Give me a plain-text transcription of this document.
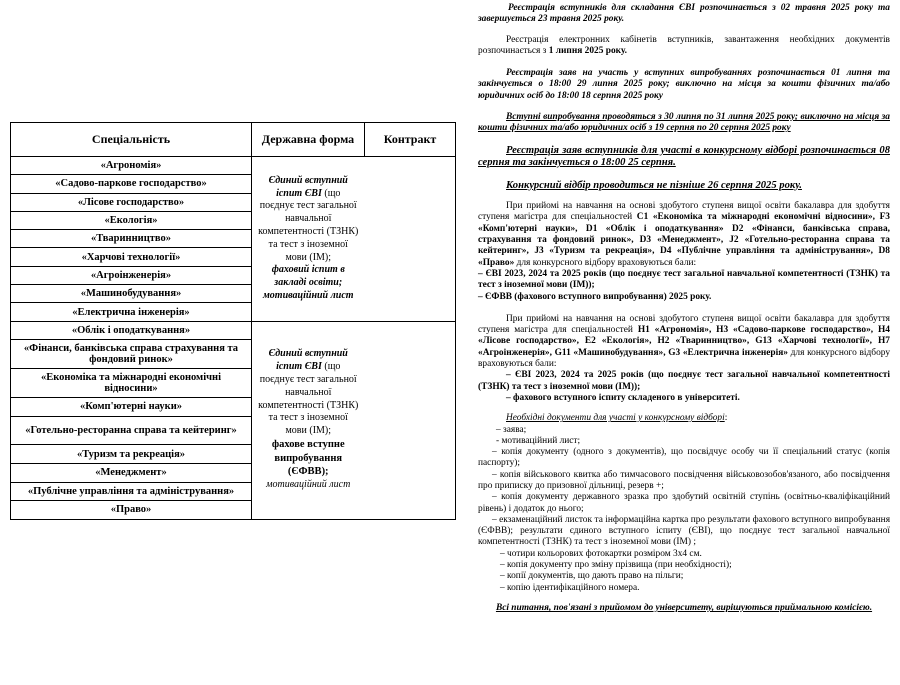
Спеціальність	Державна форма	Контракт
«Агрономія»	Єдиний вступний іспит ЄВІ (що поєднує тест загальної навчальної компетентності (ТЗНК)
та тест з іноземної мови (ІМ);
фаховий іспит в закладі освіти; мотиваційний лист	
«Садово-паркове господарство»		
«Лісове господарство»		
«Екологія»		
«Тваринництво»		
«Харчові технології»		
«Агроінженерія»		
«Машинобудування»		
«Електрична інженерія»		
«Облік і оподаткування»	Єдиний вступний іспит ЄВІ (що поєднує тест загальної навчальної компетентності (ТЗНК)
та тест з іноземної мови (ІМ);
фахове вступне випробування (ЄФВВ);
мотиваційний лист	
«Фінанси, банківська справа страхування та фондовий ринок»		
«Економіка та міжнародні економічні відносини»		
«Комп'ютерні науки»		
«Готельно-ресторанна справа та кейтеринг»		
«Туризм та рекреація»		
«Менеджмент»		
«Публічне управління та адміністрування»		
«Право»		

Реєстрація вступників для складання ЄВІ розпочинається з 02 травня 2025 року та завершується 23 травня 2025 року.

Реєстрація електронних кабінетів вступників, завантаження необхідних документів розпочинається з 1 липня 2025 року.

Реєстрація заяв на участь у вступних випробуваннях розпочинається 01 липня та закінчується о 18:00 29 липня 2025 року; виключно на місця за кошти фізичних та/або юридичних осіб до 18:00 18 серпня 2025 року

Вступні випробування проводяться з 30 липня по 31 липня 2025 року; виключно на місця за кошти фізичних та/або юридичних осіб з 19 серпня по 20 серпня 2025 року

Реєстрація заяв вступників для участі в конкурсному відборі розпочинається 08 серпня та закінчується о 18:00 25 серпня.

Конкурсний відбір проводиться не пізніше 26 серпня 2025 року.

При прийомі на навчання на основі здобутого ступеня вищої освіти бакалавра для здобуття ступеня магістра для спеціальностей С1 «Економіка та міжнародні економічні відносини», F3 «Комп'ютерні науки», D1 «Облік і оподаткування» D2 «Фінанси, банківська справа, страхування та фондовий ринок», D3 «Менеджмент», J2 «Готельно-ресторанна справа та кейтеринг», J3 «Туризм та рекреація», D4 «Публічне управління та адміністрування», D8 «Право» для конкурсного відбору враховуються бали:

– ЄВІ 2023, 2024 та 2025 років (що поєднує тест загальної навчальної компетентності (ТЗНК) та тест з іноземної мови (ІМ));

– ЄФВВ (фахового вступного випробування) 2025 року.

При прийомі на навчання на основі здобутого ступеня вищої освіти бакалавра для здобуття ступеня магістра для спеціальностей Н1 «Агрономія», Н3 «Садово-паркове господарство», Н4 «Лісове господарство», Е2 «Екологія», Н2 «Тваринництво», G13 «Харчові технології», Н7 «Агроінженерія», G11 «Машинобудування», G3 «Електрична інженерія» для конкурсного відбору враховуються бали:

– ЄВІ 2023, 2024 та 2025 років (що поєднує тест загальної навчальної компетентності (ТЗНК) та тест з іноземної мови (ІМ));

– фахового вступного іспиту складеного в університеті.

Необхідні документи для участі у конкурсному відборі:

– заява;

- мотиваційний лист;

– копія документу (одного з документів), що посвідчує особу чи її спеціальний статус (копія паспорту);

– копія військового квитка або тимчасового посвідчення військовозобов'язаного, або посвідчення про приписку до призовної дільниці, резерв +;

– копія документу державного зразка про здобутий освітній ступінь (освітньо-кваліфікаційний рівень) і додаток до нього;

– екзаменаційний листок та інформаційна картка про результати фахового вступного випробування (ЄФВВ); результати єдиного вступного іспиту (ЄВІ), що поєднує тест загальної навчальної компетентності (ТЗНК) та тест з іноземної мови (ІМ) ;

– чотири кольорових фотокартки розміром 3х4 см.

– копія документу про зміну прізвища (при необхідності);

– копії документів, що дають право на пільги;

– копію ідентифікаційного номера.

Всі питання, пов'язані з прийомом до університету, вирішуються приймальною комісією.
